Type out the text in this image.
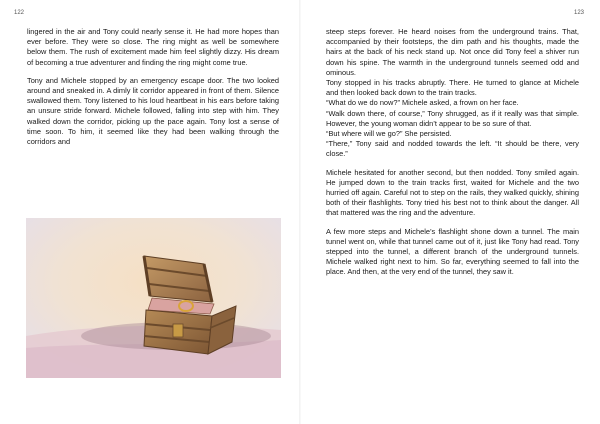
122

lingered in the air and Tony could nearly sense it. He had more hopes than ever before. They were so close. The ring might as well be somewhere below them. The rush of excitement made him feel slightly dizzy. His dream of becoming a true adventurer and finding the ring might come true.

Tony and Michele stopped by an emergency escape door. The two looked around and sneaked in. A dimly lit corridor appeared in front of them. Silence swallowed them. Tony listened to his loud heartbeat in his ears before taking an unsure stride forward. Michele followed, falling into step with him. They walked down the corridor, picking up the pace again. Tony lost a sense of time soon. To him, it seemed like they had been walking through the corridors and

123

steep steps forever. He heard noises from the underground trains. That, accompanied by their footsteps, the dim path and his thoughts, made the hairs at the back of his neck stand up. Not once did Tony feel a shiver run down his spine. The warmth in the underground tunnels seemed odd and ominous.

Tony stopped in his tracks abruptly. There. He turned to glance at Michele and then looked back down to the train tracks.

“What do we do now?” Michele asked, a frown on her face.

“Walk down there, of course,” Tony shrugged, as if it really was that simple. However, the young woman didn’t appear to be so sure of that.

“But where will we go?” She persisted.

“There,” Tony said and nodded towards the left. “It should be there, very close.”

Michele hesitated for another second, but then nodded. Tony smiled again. He jumped down to the train tracks first, waited for Michele and the two hurried off again. Careful not to step on the rails, they walked quickly, shining both of their flashlights. Tony tried his best not to think about the danger. All that mattered was the ring and the adventure.

A few more steps and Michele’s flashlight shone down a tunnel. The main tunnel went on, while that tunnel came out of it, just like Tony had read. Tony stepped into the tunnel, a different branch of the underground tunnels. Michele walked right next to him. So far, everything seemed to fall into the place. And then, at the very end of the tunnel, they saw it.
